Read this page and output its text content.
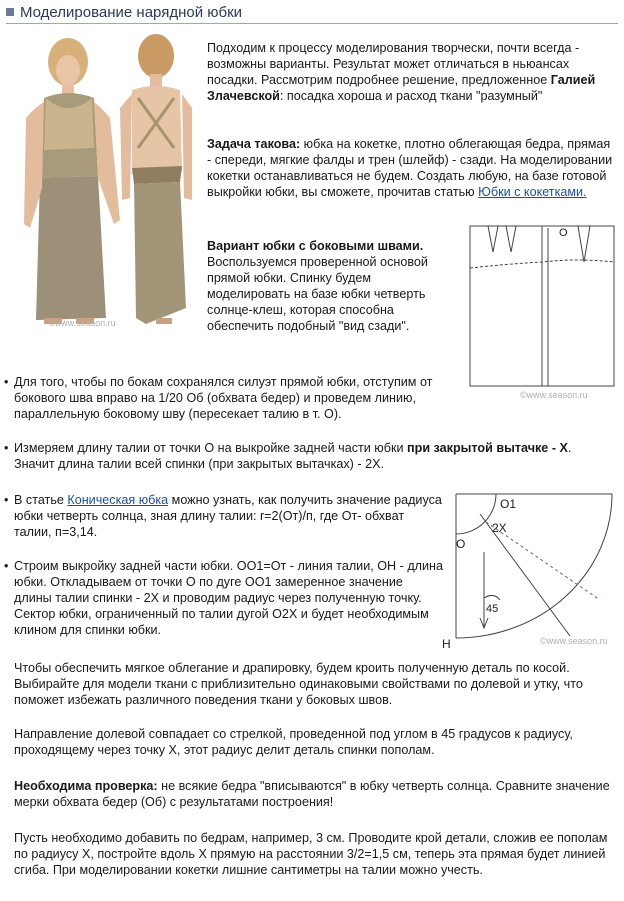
Моделирование нарядной юбки
©www.season.ru
Подходим к процессу моделирования творчески, почти всегда - возможны варианты. Результат может отличаться в ньюансах посадки. Рассмотрим подробнее решение, предложенное Галией Злачевской: посадка хороша и расход ткани "разумный"
Задача такова: юбка на кокетке, плотно облегающая бедра, прямая - спереди, мягкие фалды и трен (шлейф) - сзади. На моделировании кокетки останавливаться не будем. Создать любую, на базе готовой выкройки юбки, вы сможете, прочитав статью Юбки с кокетками.
Вариант юбки с боковыми швами. Воспользуемся проверенной основой прямой юбки. Спинку будем моделировать на базе юбки четверть солнце-клеш, которая способна обеспечить подобный "вид сзади".
O
©www.season.ru
• Для того, чтобы по бокам сохранялся силуэт прямой юбки, отступим от бокового шва вправо на 1/20 Об (обхвата бедер) и проведем линию, параллельную боковому шву (пересекает талию в т. О).
• Измеряем длину талии от точки О на выкройке задней части юбки при закрытой вытачке - X. Значит длина талии всей спинки (при закрытых вытачках) - 2X.
• В статье Коническая юбка можно узнать, как получить значение радиуса юбки четверть солнца, зная длину талии: r=2(Oт)/п, где Oт- обхват талии, п=3,14.
• Строим выкройку задней части юбки. OO1=Oт - линия талии, OH - длина юбки. Откладываем от точки O по дуге OO1 замеренное значение длины талии спинки - 2X и проводим радиус через полученную точку. Сектор юбки, ограниченный по талии дугой O2X и будет необходимым клином для спинки юбки.
O1
2X
O
45
H	©www.season.ru
Чтобы обеспечить мягкое облегание и драпировку, будем кроить полученную деталь по косой. Выбирайте для модели ткани с приблизительно одинаковыми свойствами по долевой и утку, что поможет избежать различного поведения ткани у боковых швов.
Направление долевой совпадает со стрелкой, проведенной под углом в 45 градусов к радиусу, проходящему через точку X, этот радиус делит деталь спинки пополам.
Необходима проверка: не всякие бедра "вписываются" в юбку четверть солнца. Сравните значение мерки обхвата бедер (Об) с результатами построения!
Пусть необходимо добавить по бедрам, например, 3 см. Проводите крой детали, сложив ее пополам по радиусу X, постройте вдоль X прямую на расстоянии 3/2=1,5 см, теперь эта прямая будет линией сгиба. При моделировании кокетки лишние сантиметры на талии можно учесть.
